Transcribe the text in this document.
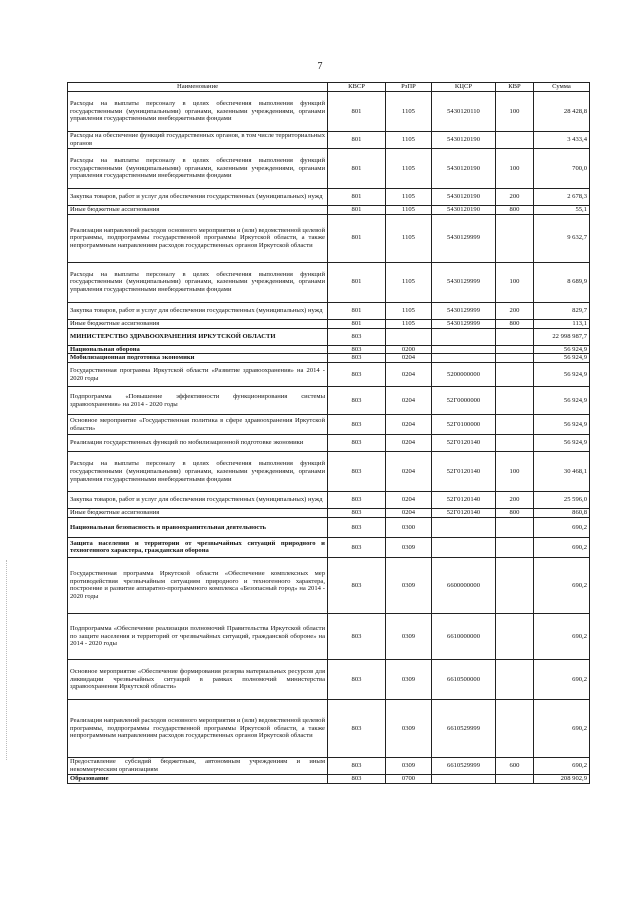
7
Наименование	КВСР	РзПР	КЦСР	КВР	Сумма
Расходы на выплаты персоналу в целях обеспечения выполнения функций государственными (муниципальными) органами, казенными учреждениями, органами управления государственными внебюджетными фондами	801	1105	5430120110	100	28 428,8
Расходы на обеспечение функций государственных органов, в том числе территориальных органов	801	1105	5430120190		3 433,4
Расходы на выплаты персоналу в целях обеспечения выполнения функций государственными (муниципальными) органами, казенными учреждениями, органами управления государственными внебюджетными фондами	801	1105	5430120190	100	700,0
Закупка товаров, работ и услуг для обеспечения государственных (муниципальных) нужд	801	1105	5430120190	200	2 678,3
Иные бюджетные ассигнования	801	1105	5430120190	800	55,1
Реализация направлений расходов основного мероприятия и (или) ведомственной целевой программы, подпрограммы государственной программы Иркутской области, а также непрограммным направлениям расходов государственных органов Иркутской области	801	1105	5430129999		9 632,7
Расходы на выплаты персоналу в целях обеспечения выполнения функций государственными (муниципальными) органами, казенными учреждениями, органами управления государственными внебюджетными фондами	801	1105	5430129999	100	8 689,9
Закупка товаров, работ и услуг для обеспечения государственных (муниципальных) нужд	801	1105	5430129999	200	829,7
Иные бюджетные ассигнования	801	1105	5430129999	800	113,1
МИНИСТЕРСТВО ЗДРАВООХРАНЕНИЯ ИРКУТСКОЙ ОБЛАСТИ	803				22 998 987,7
Национальная оборона	803	0200			56 924,9
Мобилизационная подготовка экономики	803	0204			56 924,9
Государственная программа Иркутской области «Развитие здравоохранения» на 2014 - 2020 годы	803	0204	5200000000		56 924,9
Подпрограмма «Повышение эффективности функционирования системы здравоохранения» на 2014 - 2020 годы	803	0204	52Г0000000		56 924,9
Основное мероприятие «Государственная политика в сфере здравоохранения Иркутской области»	803	0204	52Г0100000		56 924,9
Реализация государственных функций по мобилизационной подготовке экономики	803	0204	52Г0120140		56 924,9
Расходы на выплаты персоналу в целях обеспечения выполнения функций государственными (муниципальными) органами, казенными учреждениями, органами управления государственными внебюджетными фондами	803	0204	52Г0120140	100	30 468,1
Закупка товаров, работ и услуг для обеспечения государственных (муниципальных) нужд	803	0204	52Г0120140	200	25 596,0
Иные бюджетные ассигнования	803	0204	52Г0120140	800	860,8
Национальная безопасность и правоохранительная деятельность	803	0300			690,2
Защита населения и территории от чрезвычайных ситуаций природного и техногенного характера, гражданская оборона	803	0309			690,2
Государственная программа Иркутской области «Обеспечение комплексных мер противодействия чрезвычайным ситуациям природного и техногенного характера, построение и развитие аппаратно-программного комплекса «Безопасный город» на 2014 - 2020 годы	803	0309	6600000000		690,2
Подпрограмма «Обеспечение реализации полномочий Правительства Иркутской области по защите населения и территорий от чрезвычайных ситуаций, гражданской обороне» на 2014 - 2020 годы	803	0309	6610000000		690,2
Основное мероприятие «Обеспечение формирования резерва материальных ресурсов для ликвидации чрезвычайных ситуаций в рамках полномочий министерства здравоохранения Иркутской области»	803	0309	6610500000		690,2
Реализация направлений расходов основного мероприятия и (или) ведомственной целевой программы, подпрограммы государственной программы Иркутской области, а также непрограммным направлениям расходов государственных органов Иркутской области	803	0309	6610529999		690,2
Предоставление субсидий бюджетным, автономным учреждениям и иным некоммерческим организациям	803	0309	6610529999	600	690,2
Образование	803	0700			208 902,9
